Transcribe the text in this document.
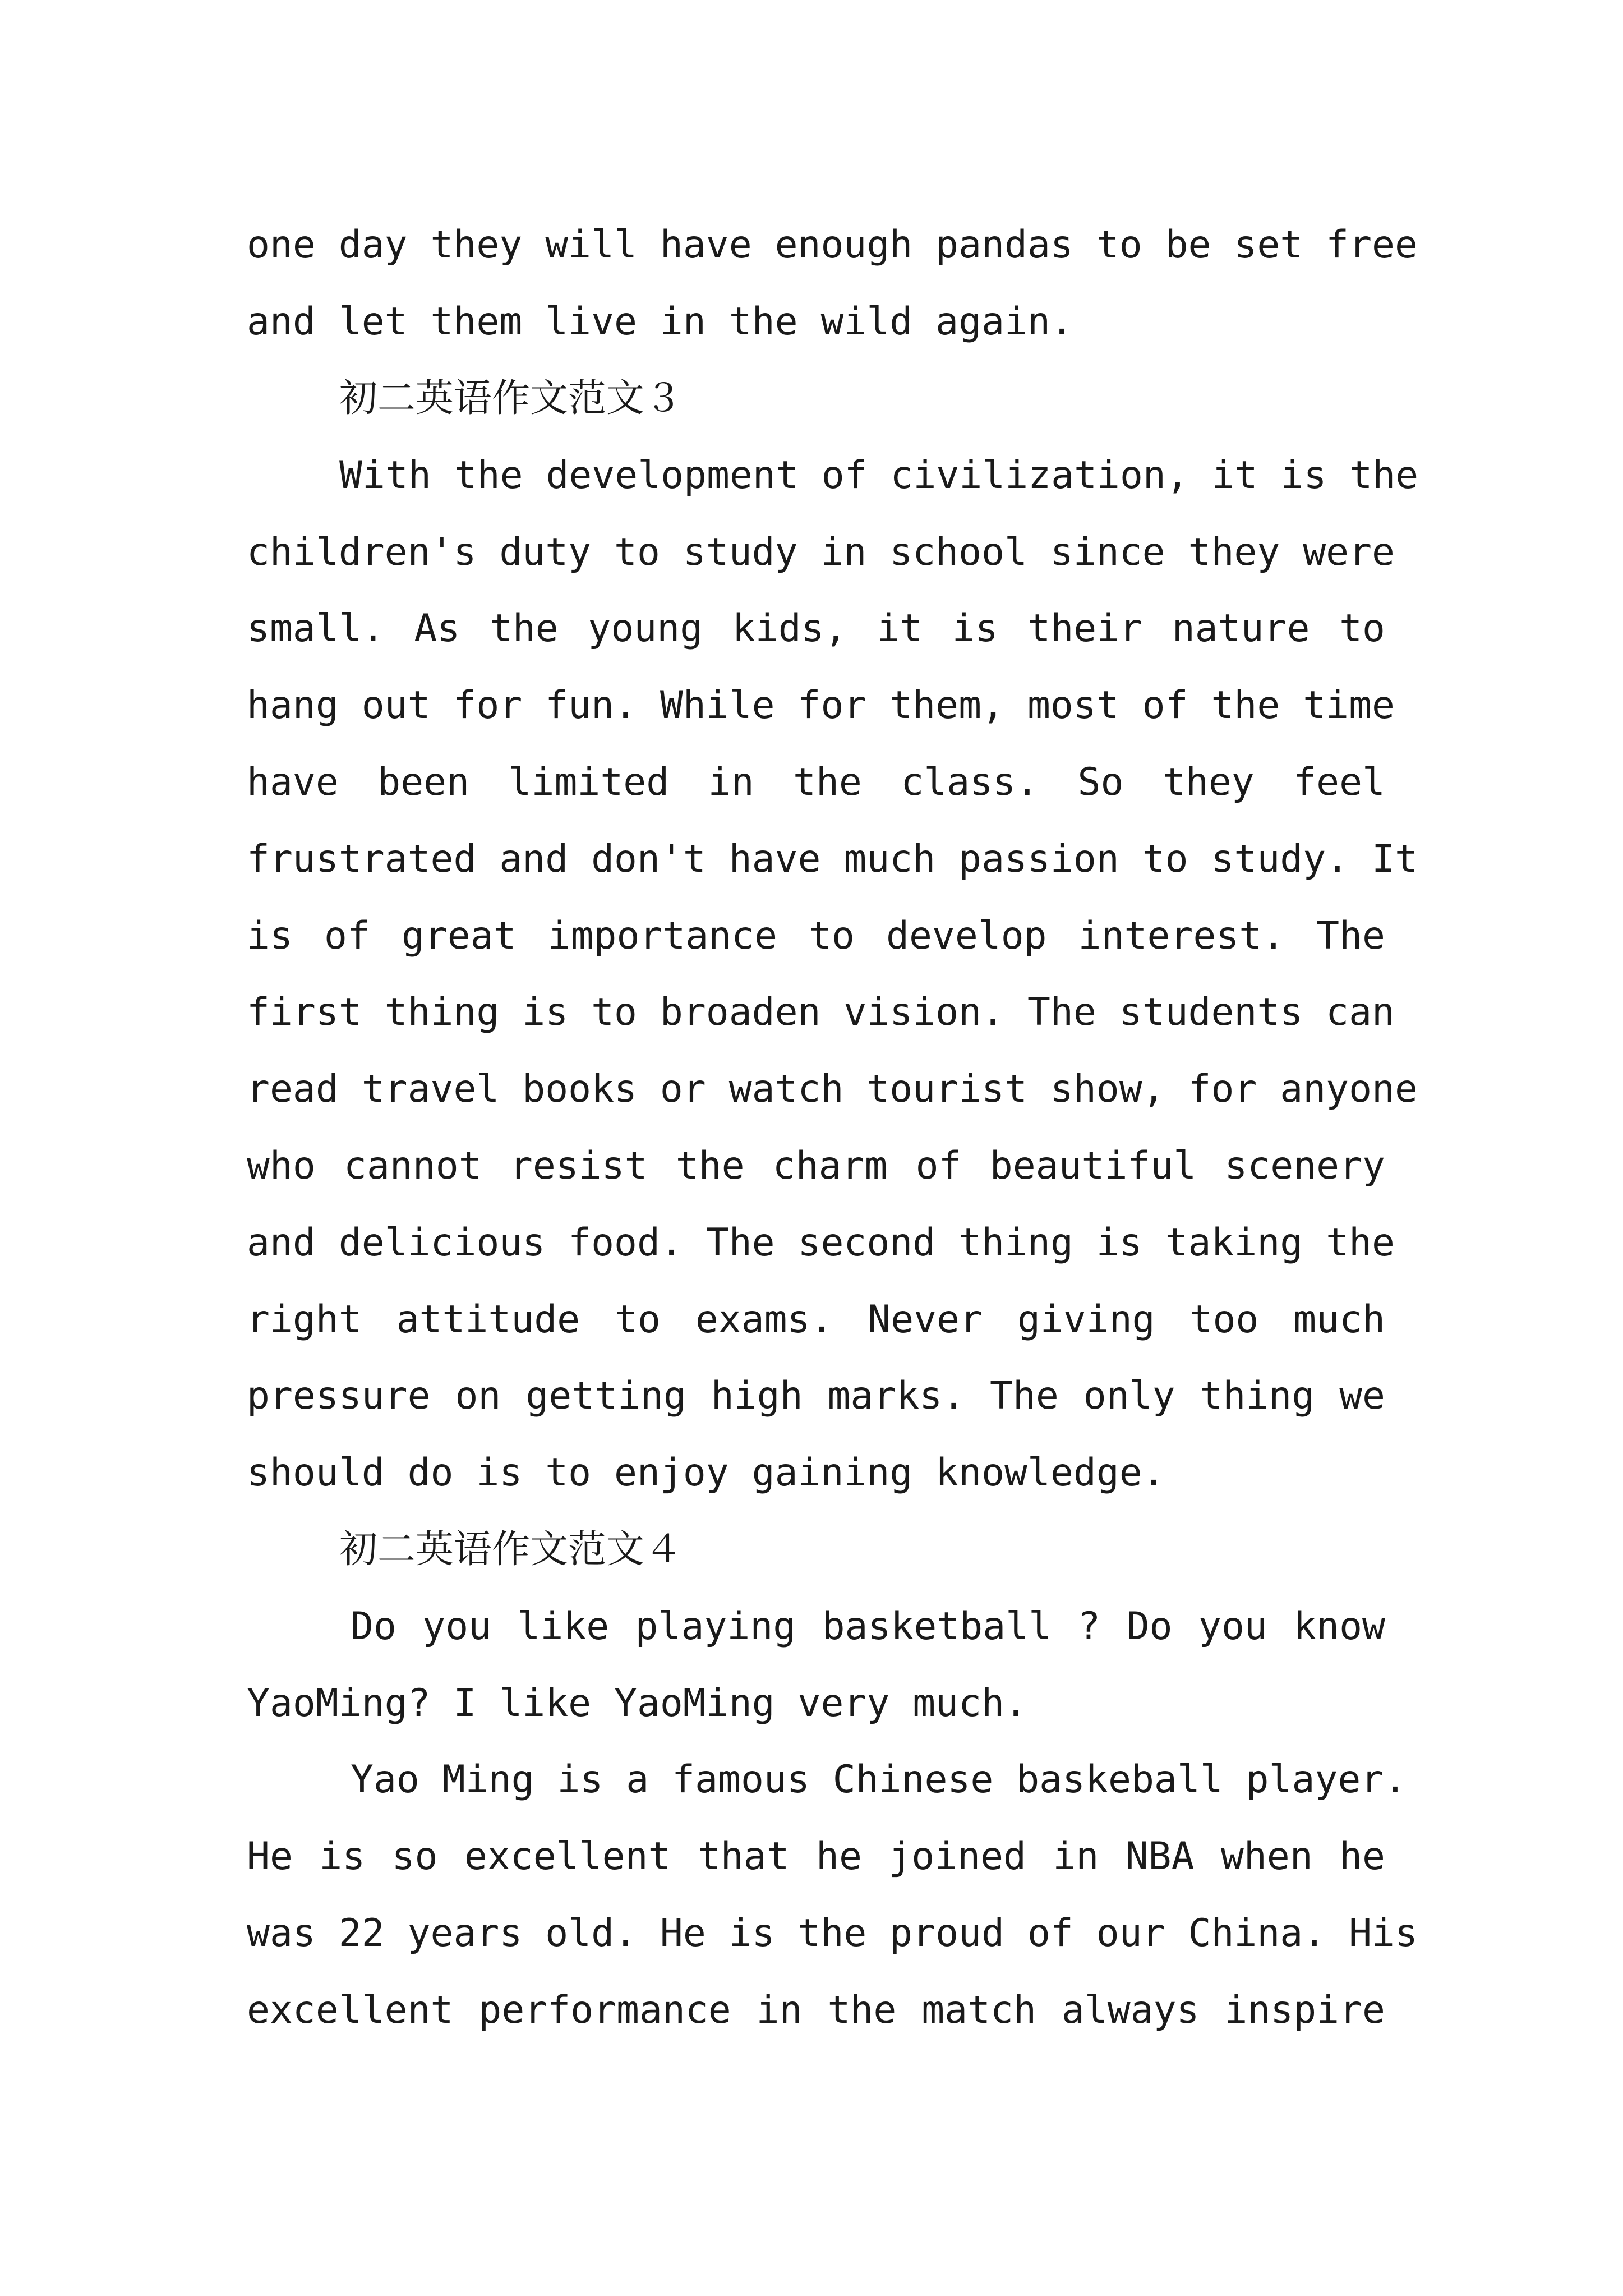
one day they will have enough pandas to be set free
and let them live in the wild again.
初二英语作文范文３
With the development of civilization, it is the
children's duty to study in school since they were
small. As the young kids, it is their nature to
hang out for fun. While for them, most of the time
have been limited in the class. So they feel
frustrated and don't have much passion to study. It
is of great importance to develop interest. The
first thing is to broaden vision. The students can
read travel books or watch tourist show, for anyone
who cannot resist the charm of beautiful scenery
and delicious food. The second thing is taking the
right attitude to exams. Never giving too much
pressure on getting high marks. The only thing we
should do is to enjoy gaining knowledge.
初二英语作文范文４
Do you like playing basketball ? Do you know
YaoMing? I like YaoMing very much.
Yao Ming is a famous Chinese baskeball player.
He is so excellent that he joined in NBA when he
was 22 years old. He is the proud of our China. His
excellent performance in the match always inspire
